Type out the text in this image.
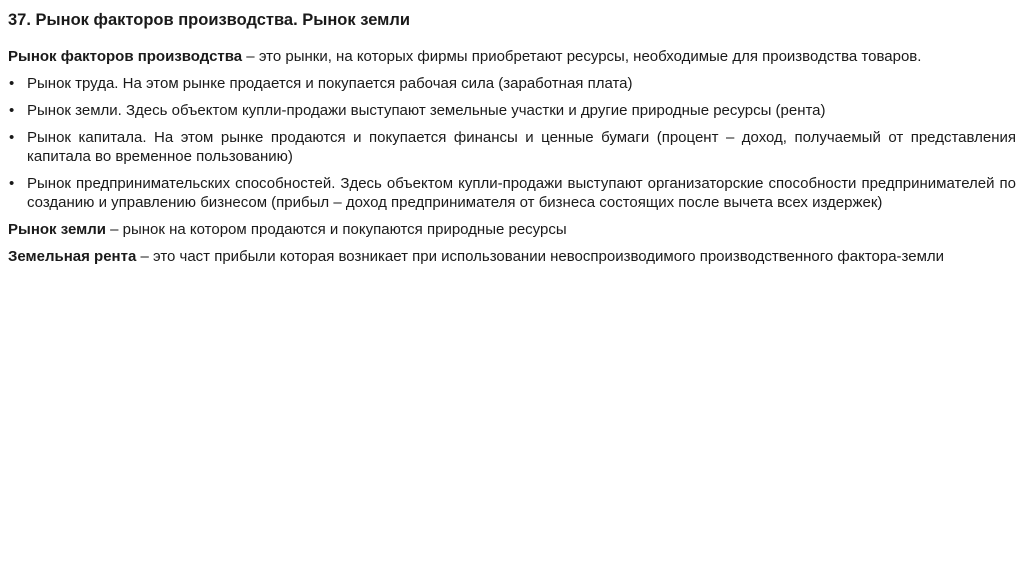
37. Рынок факторов производства. Рынок земли

Рынок факторов производства – это рынки, на которых фирмы приобретают ресурсы, необходимые для производства товаров.

• Рынок труда. На этом рынке продается и покупается рабочая сила (заработная плата)
• Рынок земли. Здесь объектом купли-продажи выступают земельные участки и другие природные ресурсы (рента)
• Рынок капитала. На этом рынке продаются и покупается финансы и ценные бумаги (процент – доход, получаемый от представления капитала во временное пользованию)
• Рынок предпринимательских способностей. Здесь объектом купли-продажи выступают организаторские способности предпринимателей по созданию и управлению бизнесом (прибыл – доход предпринимателя от бизнеса состоящих после вычета всех издержек)

Рынок земли – рынок на котором продаются и покупаются природные ресурсы

Земельная рента – это част прибыли которая возникает при использовании невоспроизводимого производственного фактора-земли
